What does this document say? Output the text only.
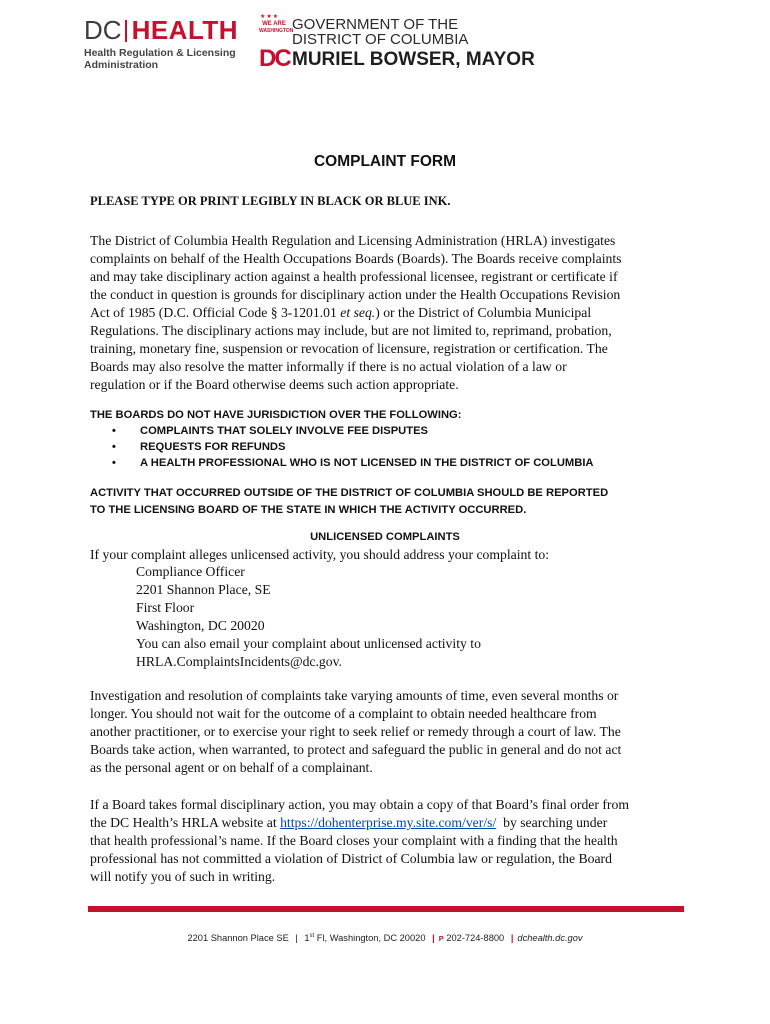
DC HEALTH
Health Regulation & Licensing
Administration
★★★
WE ARE
WASHINGTON
GOVERNMENT OF THE
DISTRICT OF COLUMBIA
DC MURIEL BOWSER, MAYOR
COMPLAINT FORM
PLEASE TYPE OR PRINT LEGIBLY IN BLACK OR BLUE INK.
The District of Columbia Health Regulation and Licensing Administration (HRLA) investigates
complaints on behalf of the Health Occupations Boards (Boards). The Boards receive complaints
and may take disciplinary action against a health professional licensee, registrant or certificate if
the conduct in question is grounds for disciplinary action under the Health Occupations Revision
Act of 1985 (D.C. Official Code § 3-1201.01 et seq.) or the District of Columbia Municipal
Regulations. The disciplinary actions may include, but are not limited to, reprimand, probation,
training, monetary fine, suspension or revocation of licensure, registration or certification. The
Boards may also resolve the matter informally if there is no actual violation of a law or
regulation or if the Board otherwise deems such action appropriate.
THE BOARDS DO NOT HAVE JURISDICTION OVER THE FOLLOWING:
• COMPLAINTS THAT SOLELY INVOLVE FEE DISPUTES
• REQUESTS FOR REFUNDS
• A HEALTH PROFESSIONAL WHO IS NOT LICENSED IN THE DISTRICT OF COLUMBIA
ACTIVITY THAT OCCURRED OUTSIDE OF THE DISTRICT OF COLUMBIA SHOULD BE REPORTED
TO THE LICENSING BOARD OF THE STATE IN WHICH THE ACTIVITY OCCURRED.
UNLICENSED COMPLAINTS
If your complaint alleges unlicensed activity, you should address your complaint to:
Compliance Officer
2201 Shannon Place, SE
First Floor
Washington, DC 20020
You can also email your complaint about unlicensed activity to
HRLA.ComplaintsIncidents@dc.gov.
Investigation and resolution of complaints take varying amounts of time, even several months or
longer. You should not wait for the outcome of a complaint to obtain needed healthcare from
another practitioner, or to exercise your right to seek relief or remedy through a court of law. The
Boards take action, when warranted, to protect and safeguard the public in general and do not act
as the personal agent or on behalf of a complainant.
If a Board takes formal disciplinary action, you may obtain a copy of that Board’s final order from
the DC Health’s HRLA website at https://dohenterprise.my.site.com/ver/s/  by searching under
that health professional’s name. If the Board closes your complaint with a finding that the health
professional has not committed a violation of District of Columbia law or regulation, the Board
will notify you of such in writing.
2201 Shannon Place SE | 1st Fl, Washington, DC 20020 | P 202-724-8800 | dchealth.dc.gov
